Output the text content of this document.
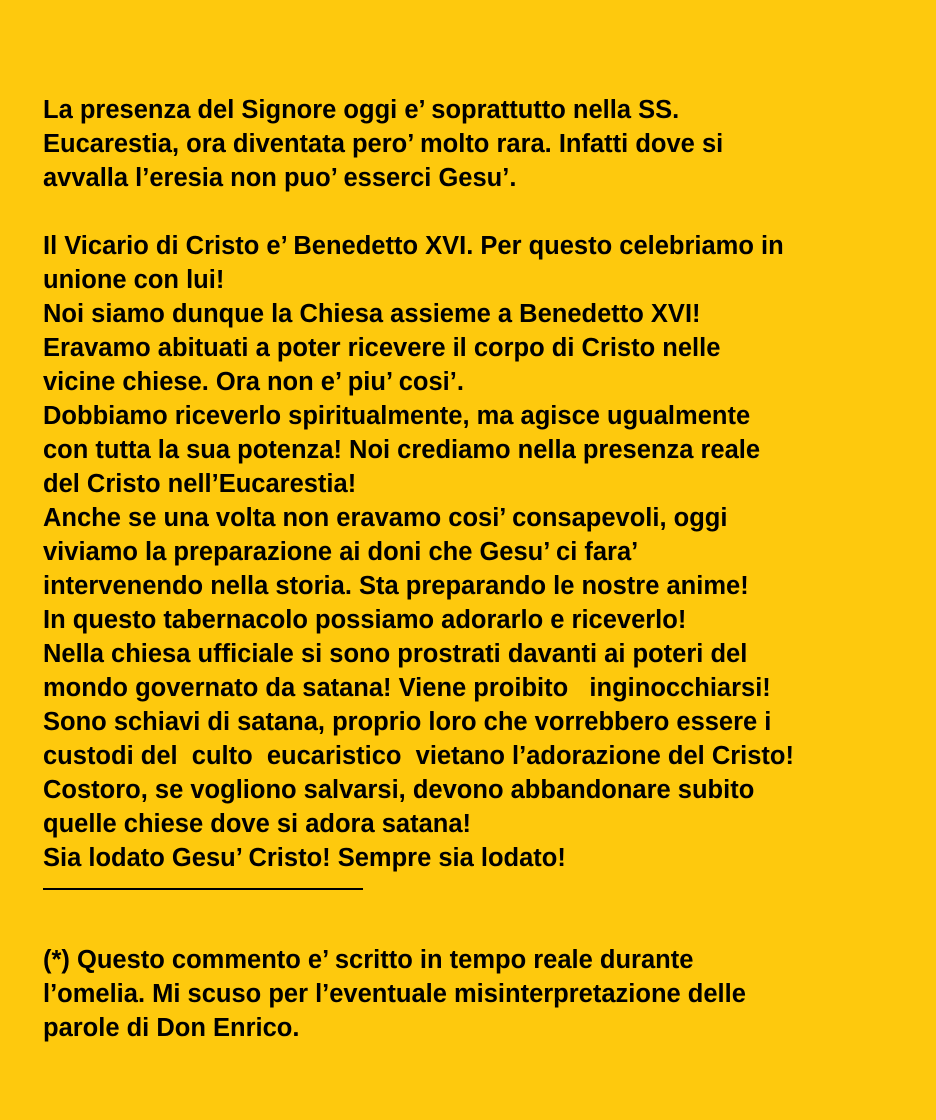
La presenza del Signore oggi e’ soprattutto nella SS.
Eucarestia, ora diventata pero’ molto rara. Infatti dove si
avvalla l’eresia non puo’ esserci Gesu’.
Il Vicario di Cristo e’ Benedetto XVI. Per questo celebriamo in
unione con lui!
Noi siamo dunque la Chiesa assieme a Benedetto XVI!
Eravamo abituati a poter ricevere il corpo di Cristo nelle
vicine chiese. Ora non e’ piu’ cosi’.
Dobbiamo riceverlo spiritualmente, ma agisce ugualmente
con tutta la sua potenza! Noi crediamo nella presenza reale
del Cristo nell’Eucarestia!
Anche se una volta non eravamo cosi’ consapevoli, oggi
viviamo la preparazione ai doni che Gesu’ ci fara’
intervenendo nella storia. Sta preparando le nostre anime!
In questo tabernacolo possiamo adorarlo e riceverlo!
Nella chiesa ufficiale si sono prostrati davanti ai poteri del
mondo governato da satana! Viene proibito   inginocchiarsi!
Sono schiavi di satana, proprio loro che vorrebbero essere i
custodi del  culto  eucaristico  vietano l’adorazione del Cristo!
Costoro, se vogliono salvarsi, devono abbandonare subito
quelle chiese dove si adora satana!
Sia lodato Gesu’ Cristo! Sempre sia lodato!
(*) Questo commento e’ scritto in tempo reale durante
l’omelia. Mi scuso per l’eventuale misinterpretazione delle
parole di Don Enrico.
